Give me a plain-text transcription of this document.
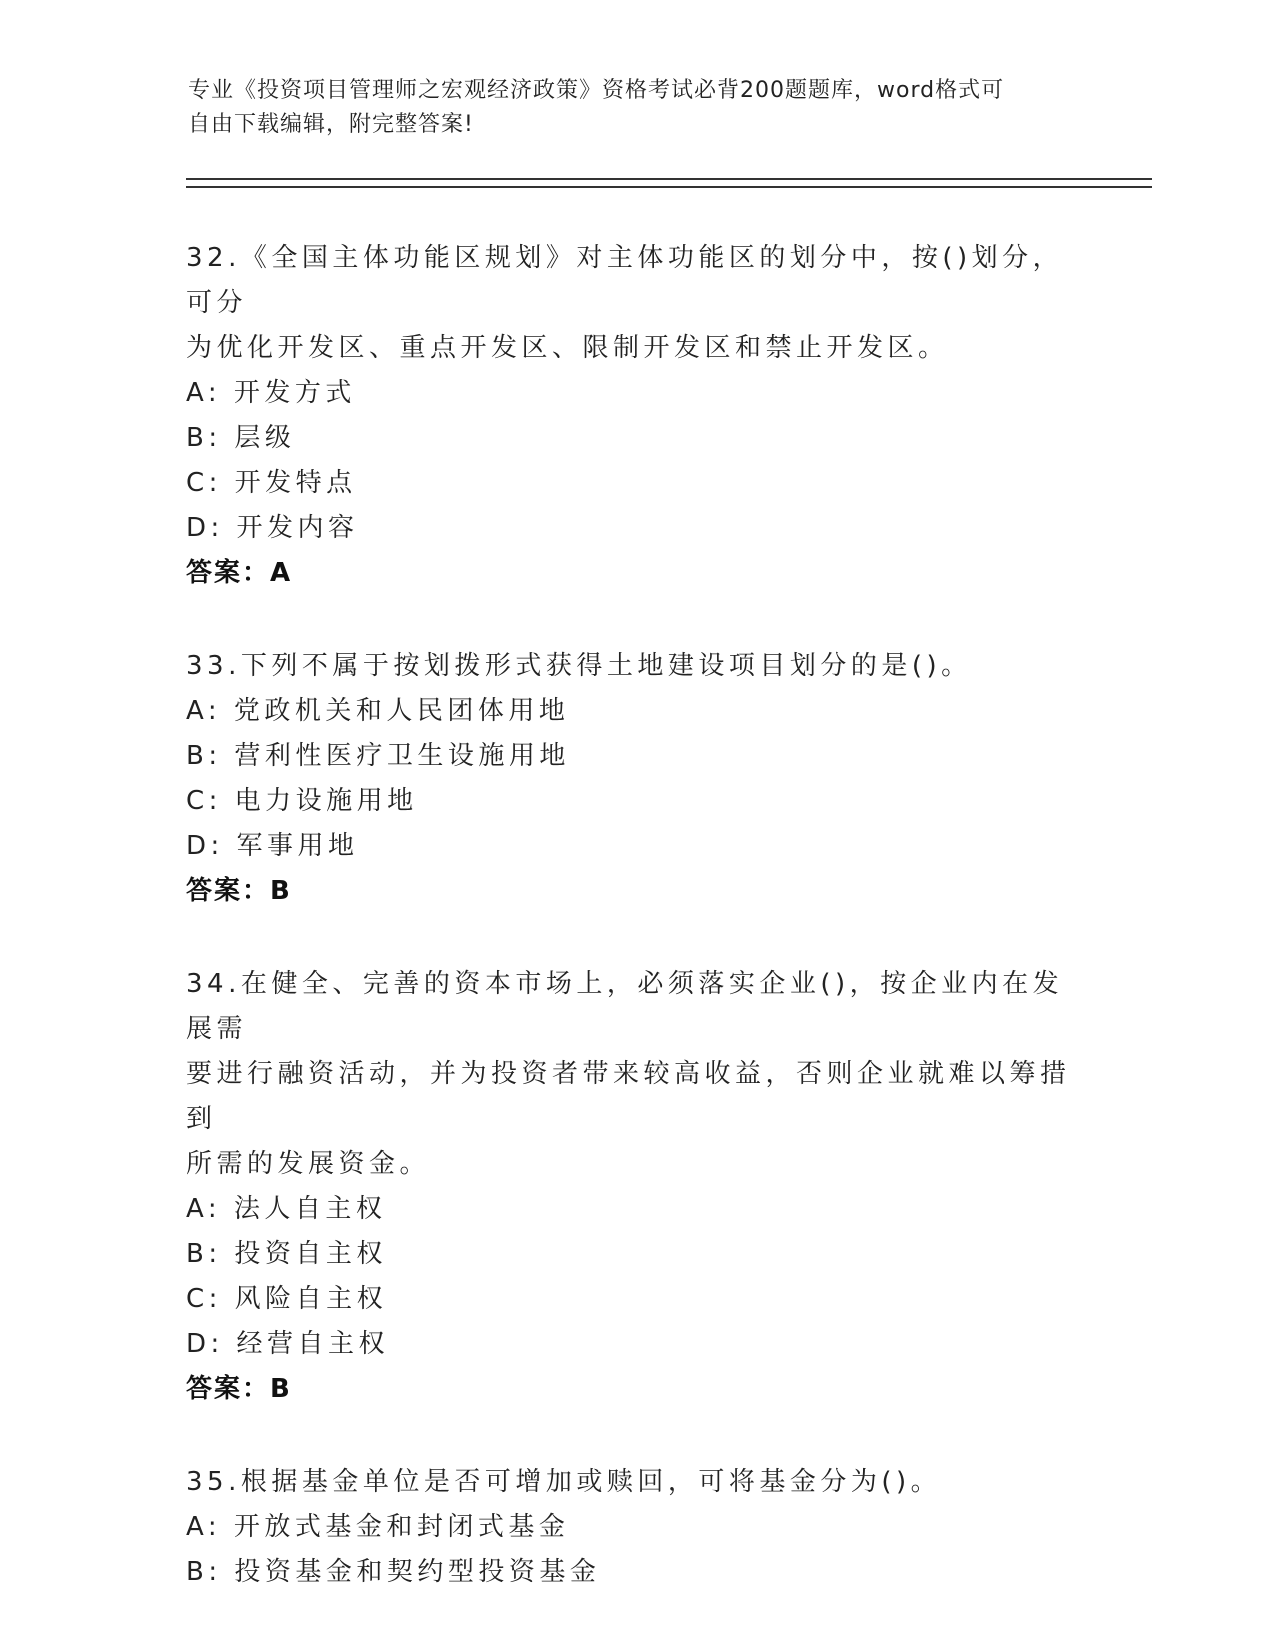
专业《投资项目管理师之宏观经济政策》资格考试必背200题题库，word格式可
自由下载编辑，附完整答案!
32.《全国主体功能区规划》对主体功能区的划分中，按()划分，可分
为优化开发区、重点开发区、限制开发区和禁止开发区。
A: 开发方式
B: 层级
C: 开发特点
D: 开发内容
答案：A
33.下列不属于按划拨形式获得土地建设项目划分的是()。
A: 党政机关和人民团体用地
B: 营利性医疗卫生设施用地
C: 电力设施用地
D: 军事用地
答案：B
34.在健全、完善的资本市场上，必须落实企业()，按企业内在发展需
要进行融资活动，并为投资者带来较高收益，否则企业就难以筹措到
所需的发展资金。
A: 法人自主权
B: 投资自主权
C: 风险自主权
D: 经营自主权
答案：B
35.根据基金单位是否可增加或赎回，可将基金分为()。
A: 开放式基金和封闭式基金
B: 投资基金和契约型投资基金
